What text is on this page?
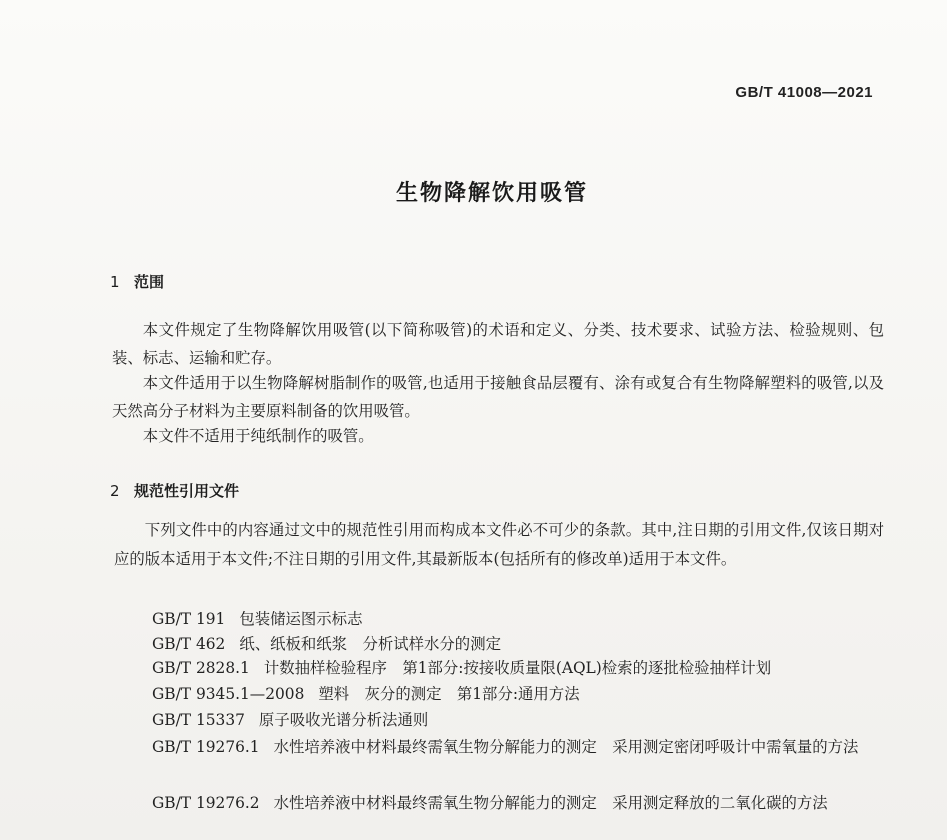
GB/T 41008—2021
生物降解饮用吸管
1 范围
本文件规定了生物降解饮用吸管(以下简称吸管)的术语和定义、分类、技术要求、试验方法、检验规则、包装、标志、运输和贮存。
本文件适用于以生物降解树脂制作的吸管,也适用于接触食品层覆有、涂有或复合有生物降解塑料的吸管,以及天然高分子材料为主要原料制备的饮用吸管。
本文件不适用于纯纸制作的吸管。
2 规范性引用文件
下列文件中的内容通过文中的规范性引用而构成本文件必不可少的条款。其中,注日期的引用文件,仅该日期对应的版本适用于本文件;不注日期的引用文件,其最新版本(包括所有的修改单)适用于本文件。
GB/T 191 包装储运图示标志
GB/T 462 纸、纸板和纸浆　分析试样水分的测定
GB/T 2828.1 计数抽样检验程序　第1部分:按接收质量限(AQL)检索的逐批检验抽样计划
GB/T 9345.1—2008 塑料　灰分的测定　第1部分:通用方法
GB/T 15337 原子吸收光谱分析法通则
GB/T 19276.1 水性培养液中材料最终需氧生物分解能力的测定　采用测定密闭呼吸计中需氧量的方法
GB/T 19276.2 水性培养液中材料最终需氧生物分解能力的测定　采用测定释放的二氧化碳的方法
